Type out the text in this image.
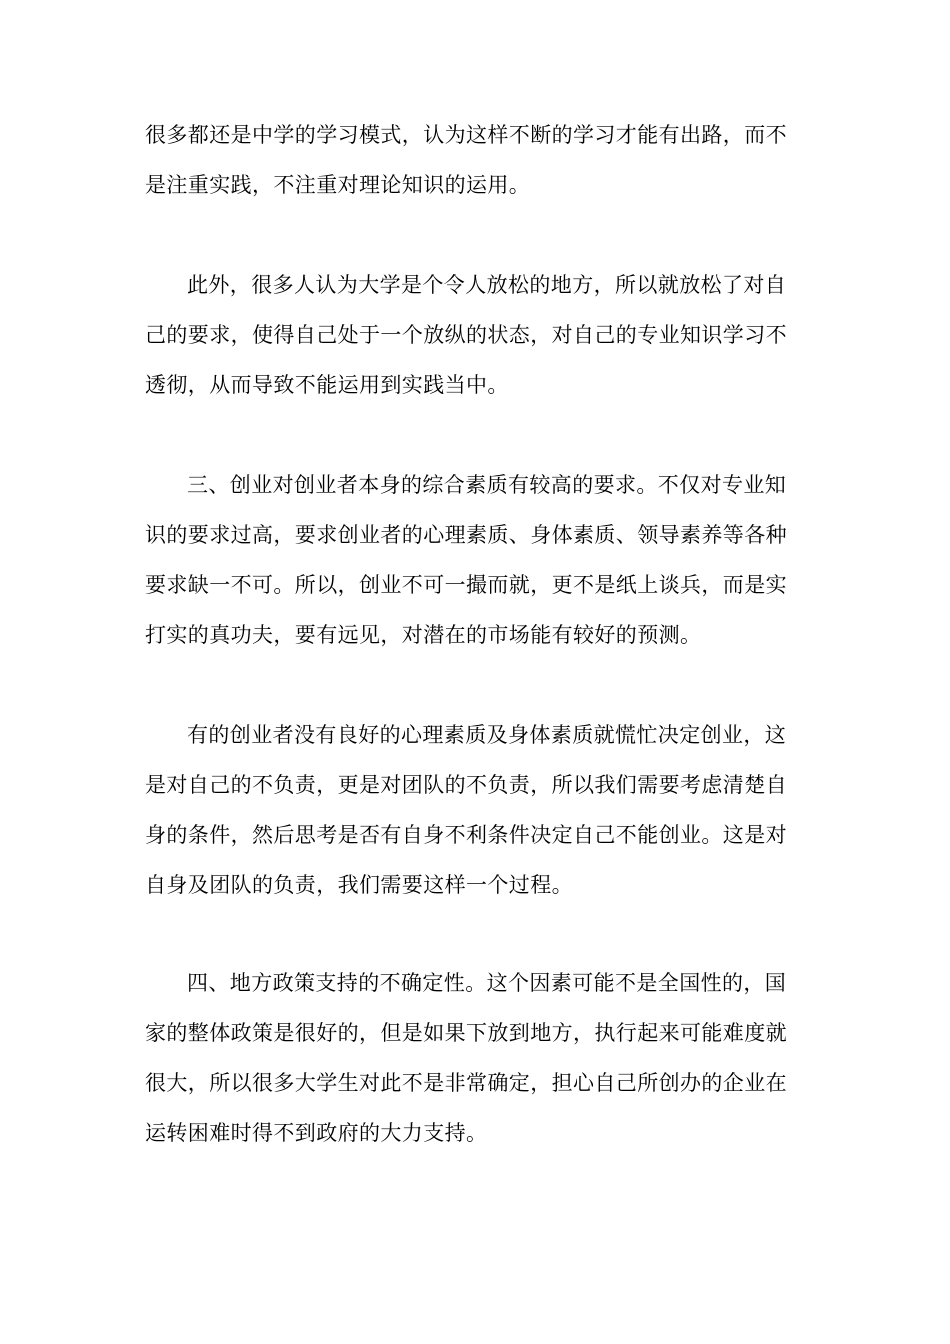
很多都还是中学的学习模式，认为这样不断的学习才能有出路，而不
是注重实践，不注重对理论知识的运用。
此外，很多人认为大学是个令人放松的地方，所以就放松了对自
己的要求，使得自己处于一个放纵的状态，对自己的专业知识学习不
透彻，从而导致不能运用到实践当中。
三、创业对创业者本身的综合素质有较高的要求。不仅对专业知
识的要求过高，要求创业者的心理素质、身体素质、领导素养等各种
要求缺一不可。所以，创业不可一撮而就，更不是纸上谈兵，而是实
打实的真功夫，要有远见，对潜在的市场能有较好的预测。
有的创业者没有良好的心理素质及身体素质就慌忙决定创业，这
是对自己的不负责，更是对团队的不负责，所以我们需要考虑清楚自
身的条件，然后思考是否有自身不利条件决定自己不能创业。这是对
自身及团队的负责，我们需要这样一个过程。
四、地方政策支持的不确定性。这个因素可能不是全国性的，国
家的整体政策是很好的，但是如果下放到地方，执行起来可能难度就
很大，所以很多大学生对此不是非常确定，担心自己所创办的企业在
运转困难时得不到政府的大力支持。
